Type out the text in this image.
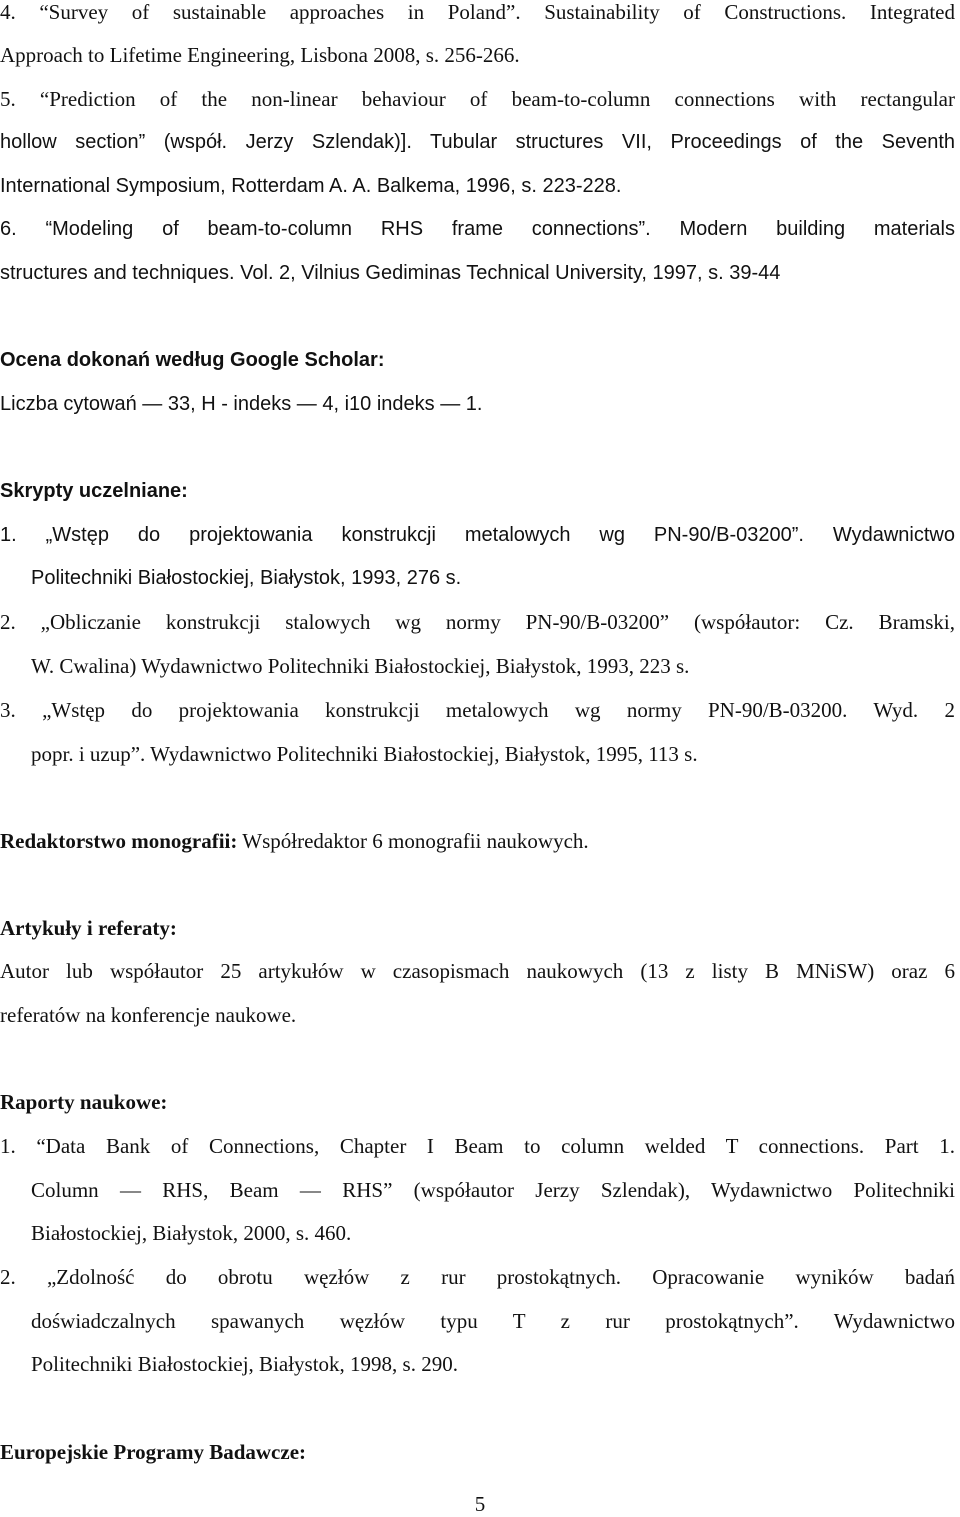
4. “Survey of sustainable approaches in Poland”. Sustainability of Constructions. Integrated
Approach to Lifetime Engineering, Lisbona 2008, s. 256-266.
5. “Prediction of the non-linear behaviour of beam-to-column connections with rectangular
hollow section” (współ. Jerzy Szlendak)]. Tubular structures VII, Proceedings of the Seventh
International Symposium, Rotterdam A. A. Balkema, 1996, s. 223-228.
6. “Modeling of beam-to-column RHS frame connections”. Modern building materials
structures and techniques. Vol. 2, Vilnius Gediminas Technical University, 1997, s. 39-44
Ocena dokonań według Google Scholar:
Liczba cytowań — 33, H - indeks — 4, i10 indeks — 1.
Skrypty uczelniane:
1. „Wstęp do projektowania konstrukcji metalowych wg PN-90/B-03200”. Wydawnictwo
Politechniki Białostockiej, Białystok, 1993, 276 s.
2. „Obliczanie konstrukcji stalowych wg normy PN-90/B-03200” (współautor: Cz. Bramski,
W. Cwalina) Wydawnictwo Politechniki Białostockiej, Białystok, 1993, 223 s.
3. „Wstęp do projektowania konstrukcji metalowych wg normy PN-90/B-03200. Wyd. 2
popr. i uzup”. Wydawnictwo Politechniki Białostockiej, Białystok, 1995, 113 s.
Redaktorstwo monografii: Współredaktor 6 monografii naukowych.
Artykuły i referaty:
Autor lub współautor 25 artykułów w czasopismach naukowych (13 z listy B MNiSW) oraz 6
referatów na konferencje naukowe.
Raporty naukowe:
1. “Data Bank of Connections, Chapter I Beam to column welded T connections. Part 1.
Column — RHS, Beam — RHS” (współautor Jerzy Szlendak), Wydawnictwo Politechniki
Białostockiej, Białystok, 2000, s. 460.
2. „Zdolność do obrotu węzłów z rur prostokątnych. Opracowanie wyników badań
doświadczalnych spawanych węzłów typu T z rur prostokątnych”. Wydawnictwo
Politechniki Białostockiej, Białystok, 1998, s. 290.
Europejskie Programy Badawcze:
5
